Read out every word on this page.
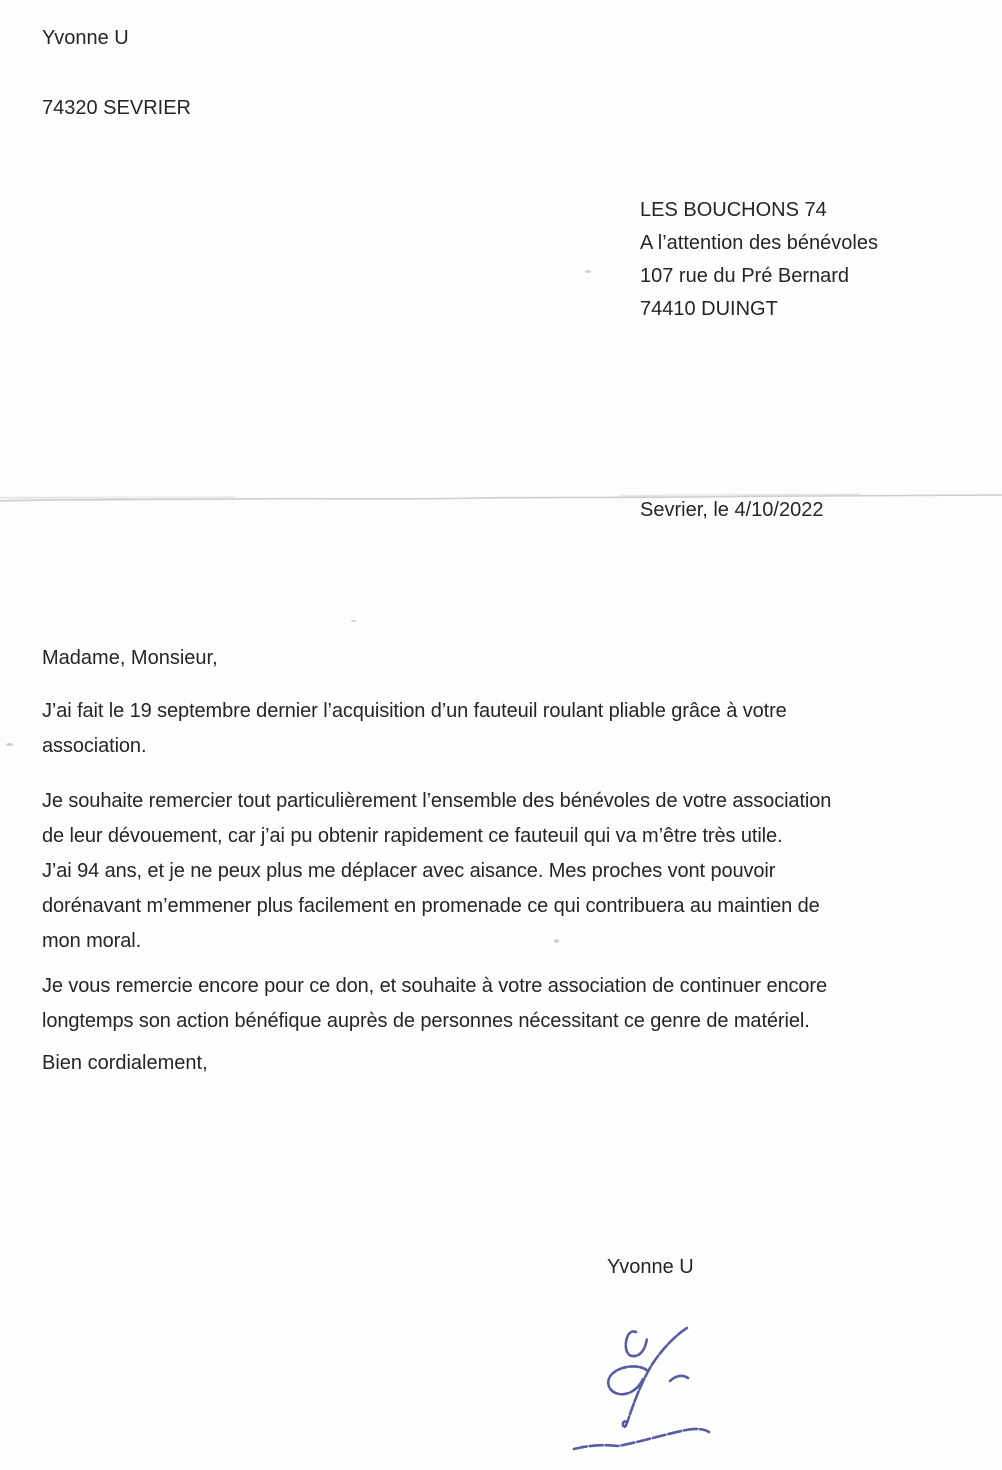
Yvonne U
74320 SEVRIER
LES BOUCHONS 74
A l’attention des bénévoles
107 rue du Pré Bernard
74410 DUINGT
Sevrier, le 4/10/2022
Madame, Monsieur,
J’ai fait le 19 septembre dernier l’acquisition d’un fauteuil roulant pliable grâce à votre
association.
Je souhaite remercier tout particulièrement l’ensemble des bénévoles de votre association
de leur dévouement, car j’ai pu obtenir rapidement ce fauteuil qui va m’être très utile.
J’ai 94 ans, et je ne peux plus me déplacer avec aisance. Mes proches vont pouvoir
dorénavant m’emmener plus facilement en promenade ce qui contribuera au maintien de
mon moral.
Je vous remercie encore pour ce don, et souhaite à votre association de continuer encore
longtemps son action bénéfique auprès de personnes nécessitant ce genre de matériel.
Bien cordialement,
Yvonne U
